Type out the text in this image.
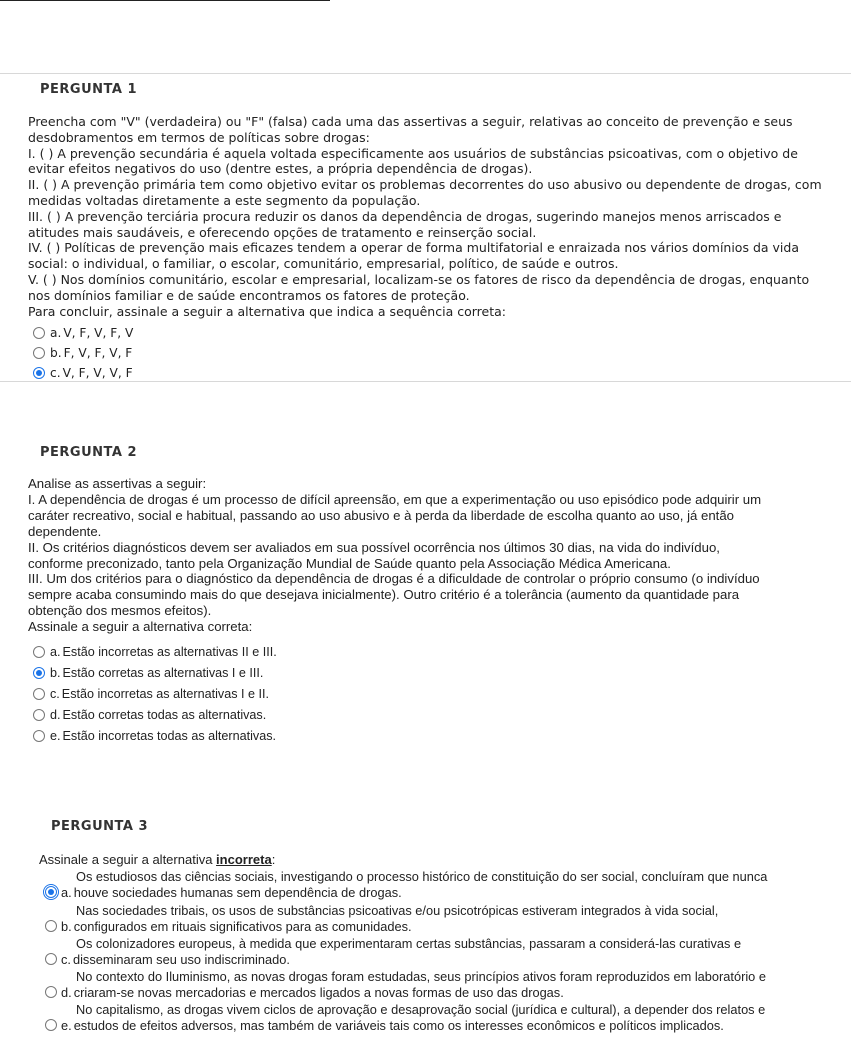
PERGUNTA 1

Preencha com "V" (verdadeira) ou "F" (falsa) cada uma das assertivas a seguir, relativas ao conceito de prevenção e seus

desdobramentos em termos de políticas sobre drogas:

I. ( ) A prevenção secundária é aquela voltada especificamente aos usuários de substâncias psicoativas, com o objetivo de

evitar efeitos negativos do uso (dentre estes, a própria dependência de drogas).

II. ( ) A prevenção primária tem como objetivo evitar os problemas decorrentes do uso abusivo ou dependente de drogas, com

medidas voltadas diretamente a este segmento da população.

III. ( ) A prevenção terciária procura reduzir os danos da dependência de drogas, sugerindo manejos menos arriscados e

atitudes mais saudáveis, e oferecendo opções de tratamento e reinserção social.

IV. ( ) Políticas de prevenção mais eficazes tendem a operar de forma multifatorial e enraizada nos vários domínios da vida

social: o individual, o familiar, o escolar, comunitário, empresarial, político, de saúde e outros.

V. ( ) Nos domínios comunitário, escolar e empresarial, localizam-se os fatores de risco da dependência de drogas, enquanto

nos domínios familiar e de saúde encontramos os fatores de proteção.

Para concluir, assinale a seguir a alternativa que indica a sequência correta:

a. V, F, V, F, V
b. F, V, F, V, F
c. V, F, V, V, F
PERGUNTA 2

Analise as assertivas a seguir:

I. A dependência de drogas é um processo de difícil apreensão, em que a experimentação ou uso episódico pode adquirir um

caráter recreativo, social e habitual, passando ao uso abusivo e à perda da liberdade de escolha quanto ao uso, já então

dependente.

II. Os critérios diagnósticos devem ser avaliados em sua possível ocorrência nos últimos 30 dias, na vida do indivíduo,

conforme preconizado, tanto pela Organização Mundial de Saúde quanto pela Associação Médica Americana.

III. Um dos critérios para o diagnóstico da dependência de drogas é a dificuldade de controlar o próprio consumo (o indivíduo

sempre acaba consumindo mais do que desejava inicialmente). Outro critério é a tolerância (aumento da quantidade para

obtenção dos mesmos efeitos).

Assinale a seguir a alternativa correta:

a. Estão incorretas as alternativas II e III.
b. Estão corretas as alternativas I e III.
c. Estão incorretas as alternativas I e II.
d. Estão corretas todas as alternativas.
e. Estão incorretas todas as alternativas.
PERGUNTA 3
Assinale a seguir a alternativa incorreta:
Os estudiosos das ciências sociais, investigando o processo histórico de constituição do ser social, concluíram que nunca
a. houve sociedades humanas sem dependência de drogas.
Nas sociedades tribais, os usos de substâncias psicoativas e/ou psicotrópicas estiveram integrados à vida social,
b. configurados em rituais significativos para as comunidades.
Os colonizadores europeus, à medida que experimentaram certas substâncias, passaram a considerá-las curativas e
c. disseminaram seu uso indiscriminado.
No contexto do Iluminismo, as novas drogas foram estudadas, seus princípios ativos foram reproduzidos em laboratório e
d. criaram-se novas mercadorias e mercados ligados a novas formas de uso das drogas.
No capitalismo, as drogas vivem ciclos de aprovação e desaprovação social (jurídica e cultural), a depender dos relatos e
e. estudos de efeitos adversos, mas também de variáveis tais como os interesses econômicos e políticos implicados.
